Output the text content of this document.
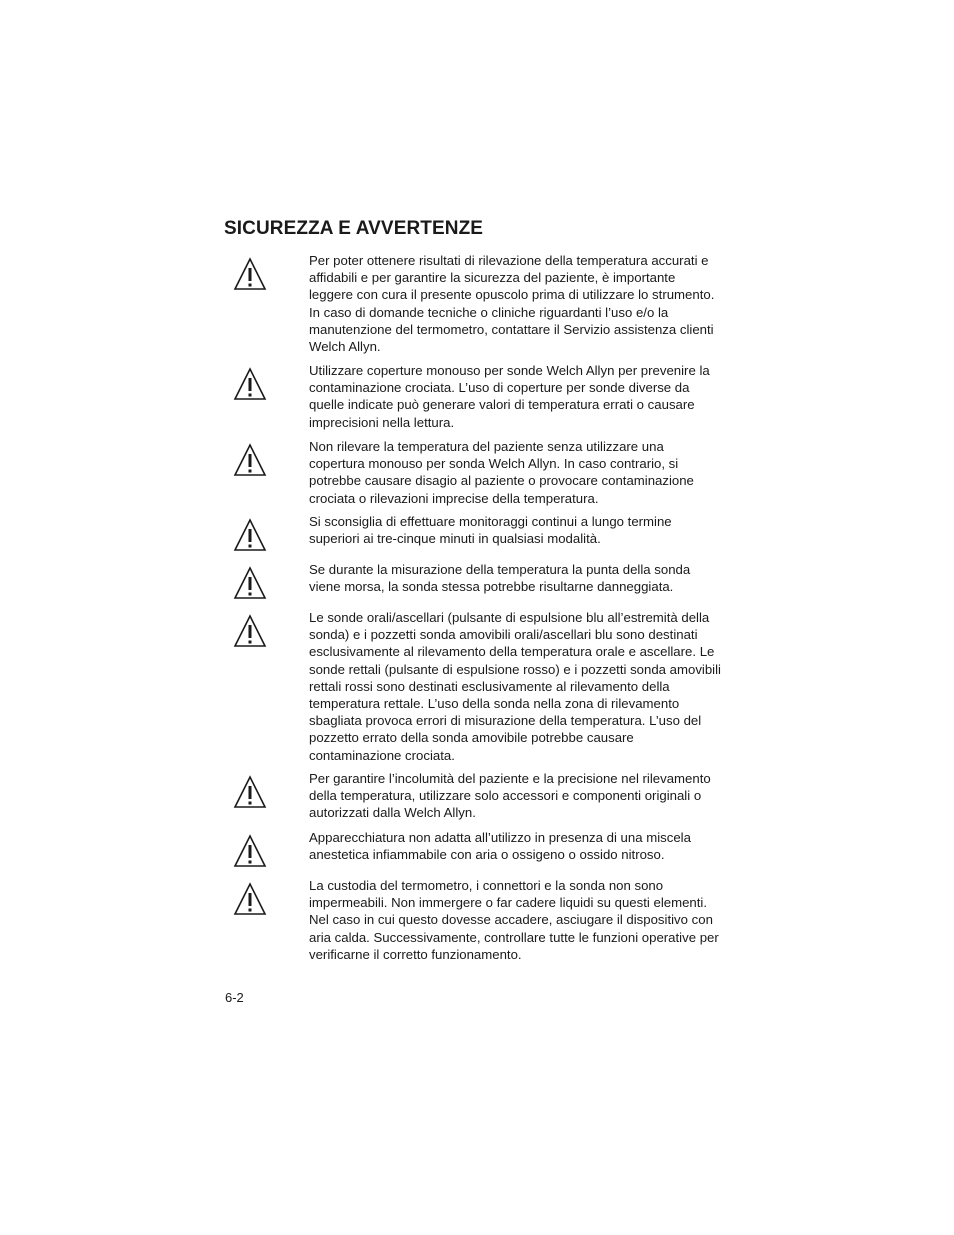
SICUREZZA E AVVERTENZE

Per poter ottenere risultati di rilevazione della temperatura accurati e affidabili e per garantire la sicurezza del paziente, è importante leggere con cura il presente opuscolo prima di utilizzare lo strumento. In caso di domande tecniche o cliniche riguardanti l’uso e/o la manutenzione del termometro, contattare il Servizio assistenza clienti Welch Allyn.

Utilizzare coperture monouso per sonde Welch Allyn per prevenire la contaminazione crociata. L’uso di coperture per sonde diverse da quelle indicate può generare valori di temperatura errati o causare imprecisioni nella lettura.

Non rilevare la temperatura del paziente senza utilizzare una copertura monouso per sonda Welch Allyn. In caso contrario, si potrebbe causare disagio al paziente o provocare contaminazione crociata o rilevazioni imprecise della temperatura.

Si sconsiglia di effettuare monitoraggi continui a lungo termine superiori ai tre-cinque minuti in qualsiasi modalità.

Se durante la misurazione della temperatura la punta della sonda viene morsa, la sonda stessa potrebbe risultarne danneggiata.

Le sonde orali/ascellari (pulsante di espulsione blu all’estremità della sonda) e i pozzetti sonda amovibili orali/ascellari blu sono destinati esclusivamente al rilevamento della temperatura orale e ascellare. Le sonde rettali (pulsante di espulsione rosso) e i pozzetti sonda amovibili rettali rossi sono destinati esclusivamente al rilevamento della temperatura rettale. L’uso della sonda nella zona di rilevamento sbagliata provoca errori di misurazione della temperatura. L’uso del pozzetto errato della sonda amovibile potrebbe causare contaminazione crociata.

Per garantire l’incolumità del paziente e la precisione nel rilevamento della temperatura, utilizzare solo accessori e componenti originali o autorizzati dalla Welch Allyn.

Apparecchiatura non adatta all’utilizzo in presenza di una miscela anestetica infiammabile con aria o ossigeno o ossido nitroso.

La custodia del termometro, i connettori e la sonda non sono impermeabili. Non immergere o far cadere liquidi su questi elementi. Nel caso in cui questo dovesse accadere, asciugare il dispositivo con aria calda. Successivamente, controllare tutte le funzioni operative per verificarne il corretto funzionamento.

6-2
